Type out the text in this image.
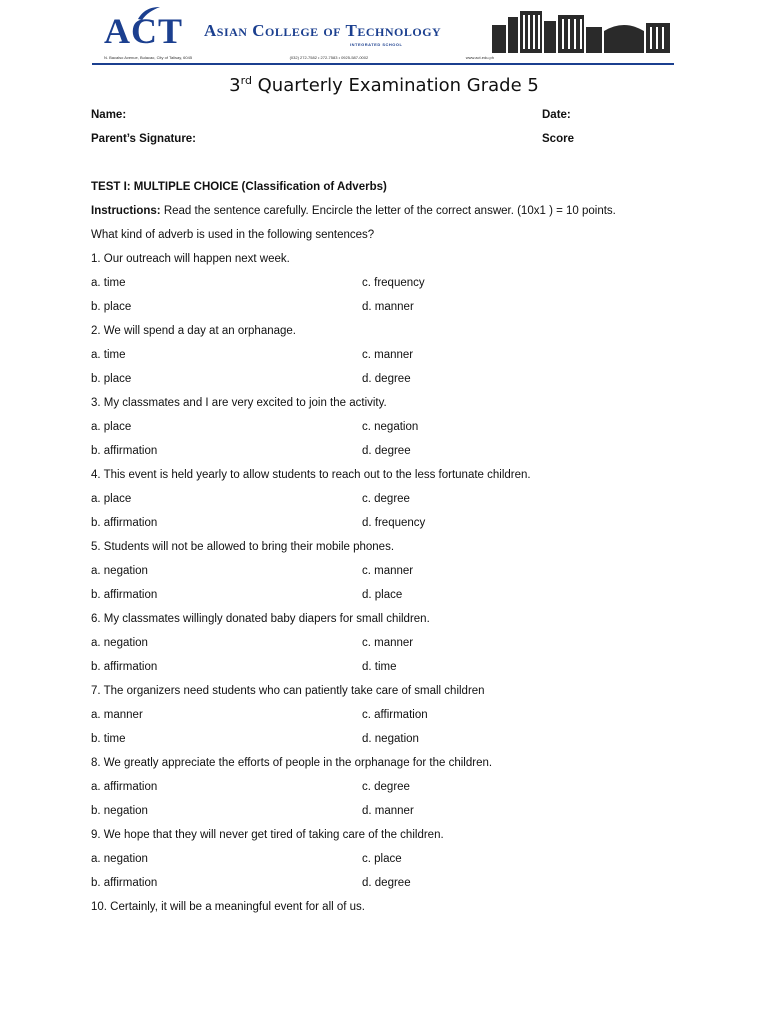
ACT Asian College of Technology
INTEGRATED SCHOOL
N. Bacalso Avenue, Bulacao, City of Talisay, 6045	(032) 272-7582 • 272-7583 • 0925-587-0002	www.act.edu.ph
3rd Quarterly Examination Grade 5
Name:	Date:
Parent’s Signature:	Score

TEST I: MULTIPLE CHOICE (Classification of Adverbs)

Instructions: Read the sentence carefully. Encircle the letter of the correct answer. (10x1 ) = 10 points.

What kind of adverb is used in the following sentences?

1. Our outreach will happen next week.

a. time	c. frequency
b. place	d. manner

2. We will spend a day at an orphanage.

a. time	c. manner
b. place	d. degree

3. My classmates and I are very excited to join the activity.

a. place	c. negation
b. affirmation	d. degree

4. This event is held yearly to allow students to reach out to the less fortunate children.

a. place	c. degree
b. affirmation	d. frequency

5. Students will not be allowed to bring their mobile phones.

a. negation	c. manner
b. affirmation	d. place

6. My classmates willingly donated baby diapers for small children.

a. negation	c. manner
b. affirmation	d. time

7. The organizers need students who can patiently take care of small children

a. manner	c. affirmation
b. time	d. negation

8. We greatly appreciate the efforts of people in the orphanage for the children.

a. affirmation	c. degree
b. negation	d. manner

9. We hope that they will never get tired of taking care of the children.

a. negation	c. place
b. affirmation	d. degree

10. Certainly, it will be a meaningful event for all of us.
